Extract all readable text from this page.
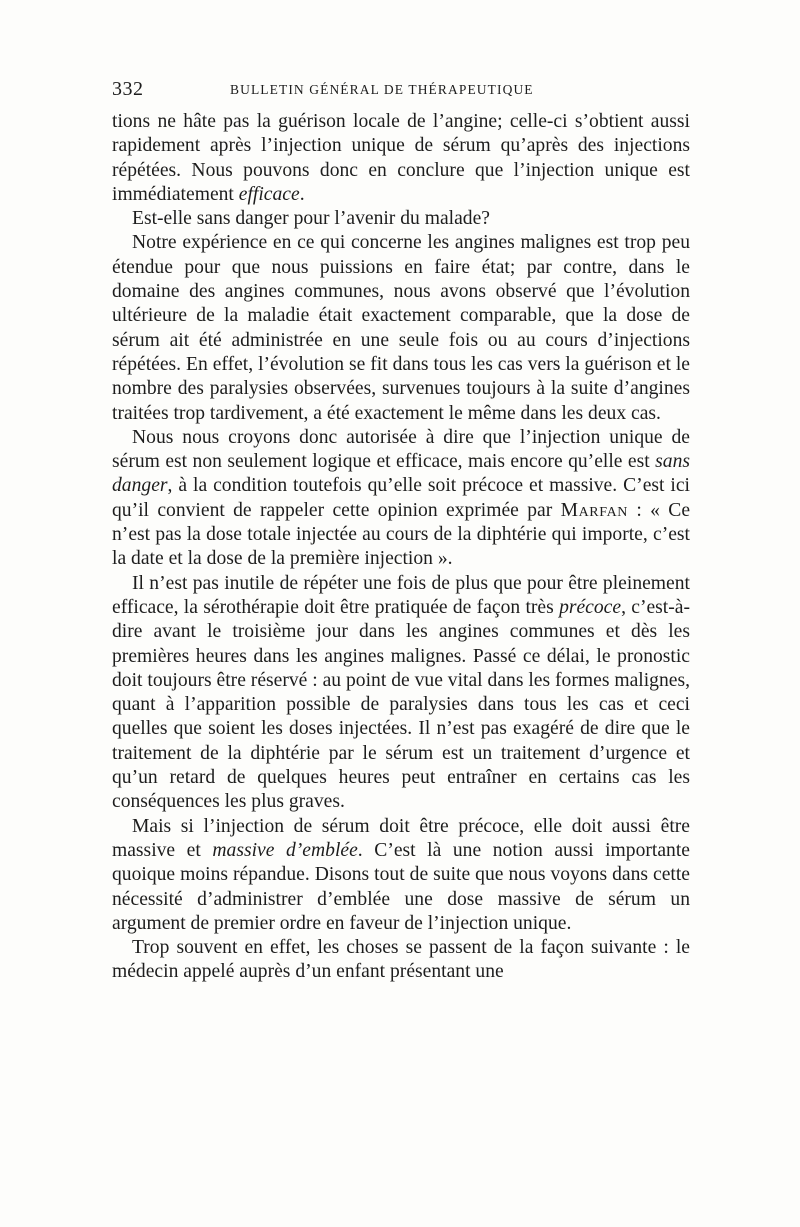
332	BULLETIN GÉNÉRAL DE THÉRAPEUTIQUE

tions ne hâte pas la guérison locale de l’angine; celle-ci s’obtient aussi rapidement après l’injection unique de sérum qu’après des injections répétées. Nous pouvons donc en conclure que l’injection unique est immédiatement efficace.

Est-elle sans danger pour l’avenir du malade?

Notre expérience en ce qui concerne les angines malignes est trop peu étendue pour que nous puissions en faire état; par contre, dans le domaine des angines communes, nous avons observé que l’évolution ultérieure de la maladie était exactement comparable, que la dose de sérum ait été administrée en une seule fois ou au cours d’injections répétées. En effet, l’évolution se fit dans tous les cas vers la guérison et le nombre des paralysies observées, survenues toujours à la suite d’angines traitées trop tardivement, a été exactement le même dans les deux cas.

Nous nous croyons donc autorisée à dire que l’injection unique de sérum est non seulement logique et efficace, mais encore qu’elle est sans danger, à la condition toutefois qu’elle soit précoce et massive. C’est ici qu’il convient de rappeler cette opinion exprimée par Marfan : « Ce n’est pas la dose totale injectée au cours de la diphtérie qui importe, c’est la date et la dose de la première injection ».

Il n’est pas inutile de répéter une fois de plus que pour être pleinement efficace, la sérothérapie doit être pratiquée de façon très précoce, c’est-à-dire avant le troisième jour dans les angines communes et dès les premières heures dans les angines malignes. Passé ce délai, le pronostic doit toujours être réservé : au point de vue vital dans les formes malignes, quant à l’apparition possible de paralysies dans tous les cas et ceci quelles que soient les doses injectées. Il n’est pas exagéré de dire que le traitement de la diphtérie par le sérum est un traitement d’urgence et qu’un retard de quelques heures peut entraîner en certains cas les conséquences les plus graves.

Mais si l’injection de sérum doit être précoce, elle doit aussi être massive et massive d’emblée. C’est là une notion aussi importante quoique moins répandue. Disons tout de suite que nous voyons dans cette nécessité d’administrer d’emblée une dose massive de sérum un argument de premier ordre en faveur de l’injection unique.

Trop souvent en effet, les choses se passent de la façon suivante : le médecin appelé auprès d’un enfant présentant une
